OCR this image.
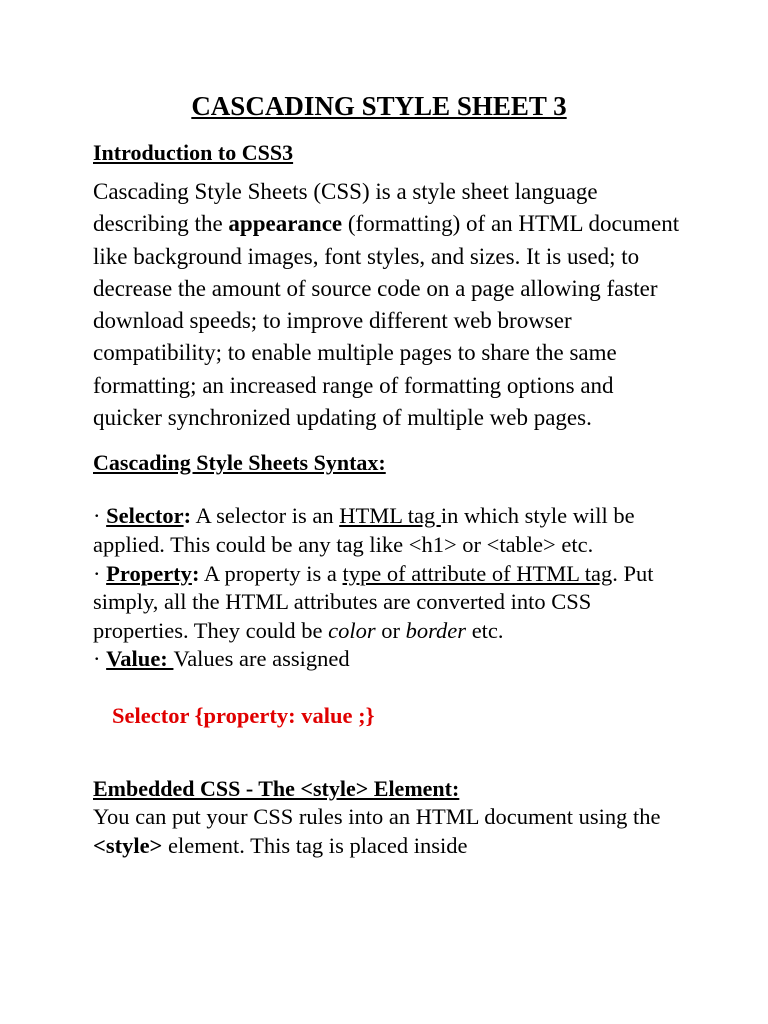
CASCADING STYLE SHEET 3
Introduction to CSS3

Cascading Style Sheets (CSS) is a style sheet language describing the appearance (formatting) of an HTML document like background images, font styles, and sizes. It is used; to decrease the amount of source code on a page allowing faster download speeds; to improve different web browser compatibility; to enable multiple pages to share the same formatting; an increased range of formatting options and quicker synchronized updating of multiple web pages.

Cascading Style Sheets Syntax:

· Selector: A selector is an HTML tag in which style will be applied. This could be any tag like <h1> or <table> etc.

· Property: A property is a type of attribute of HTML tag. Put simply, all the HTML attributes are converted into CSS properties. They could be color or border etc.

· Value: Values are assigned

Selector {property: value ;}

Embedded CSS - The <style> Element:

You can put your CSS rules into an HTML document using the <style> element. This tag is placed inside
